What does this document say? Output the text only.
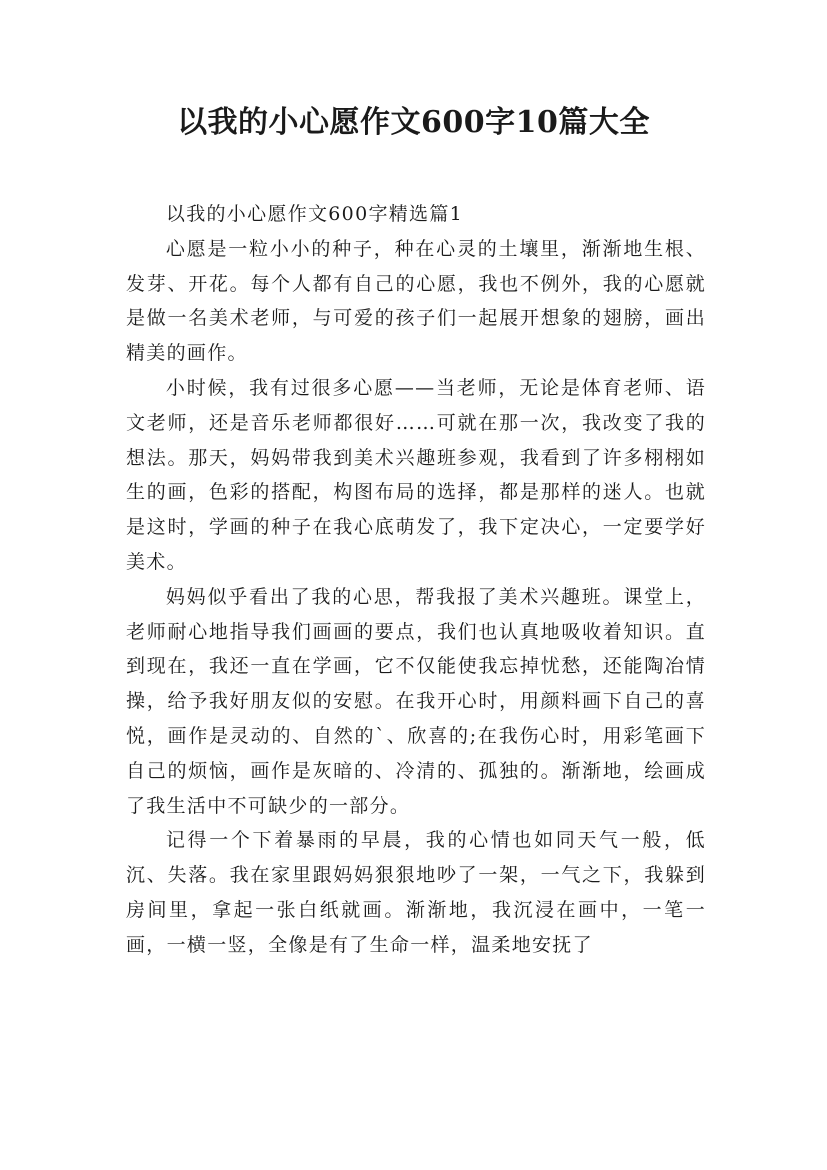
以我的小心愿作文600字10篇大全

以我的小心愿作文600字精选篇1

心愿是一粒小小的种子，种在心灵的土壤里，渐渐地生根、发芽、开花。每个人都有自己的心愿，我也不例外，我的心愿就是做一名美术老师，与可爱的孩子们一起展开想象的翅膀，画出精美的画作。

小时候，我有过很多心愿——当老师，无论是体育老师、语文老师，还是音乐老师都很好……可就在那一次，我改变了我的想法。那天，妈妈带我到美术兴趣班参观，我看到了许多栩栩如生的画，色彩的搭配，构图布局的选择，都是那样的迷人。也就是这时，学画的种子在我心底萌发了，我下定决心，一定要学好美术。

妈妈似乎看出了我的心思，帮我报了美术兴趣班。课堂上，老师耐心地指导我们画画的要点，我们也认真地吸收着知识。直到现在，我还一直在学画，它不仅能使我忘掉忧愁，还能陶冶情操，给予我好朋友似的安慰。在我开心时，用颜料画下自己的喜悦，画作是灵动的、自然的`、欣喜的;在我伤心时，用彩笔画下自己的烦恼，画作是灰暗的、冷清的、孤独的。渐渐地，绘画成了我生活中不可缺少的一部分。

记得一个下着暴雨的早晨，我的心情也如同天气一般，低沉、失落。我在家里跟妈妈狠狠地吵了一架，一气之下，我躲到房间里，拿起一张白纸就画。渐渐地，我沉浸在画中，一笔一画，一横一竖，全像是有了生命一样，温柔地安抚了
